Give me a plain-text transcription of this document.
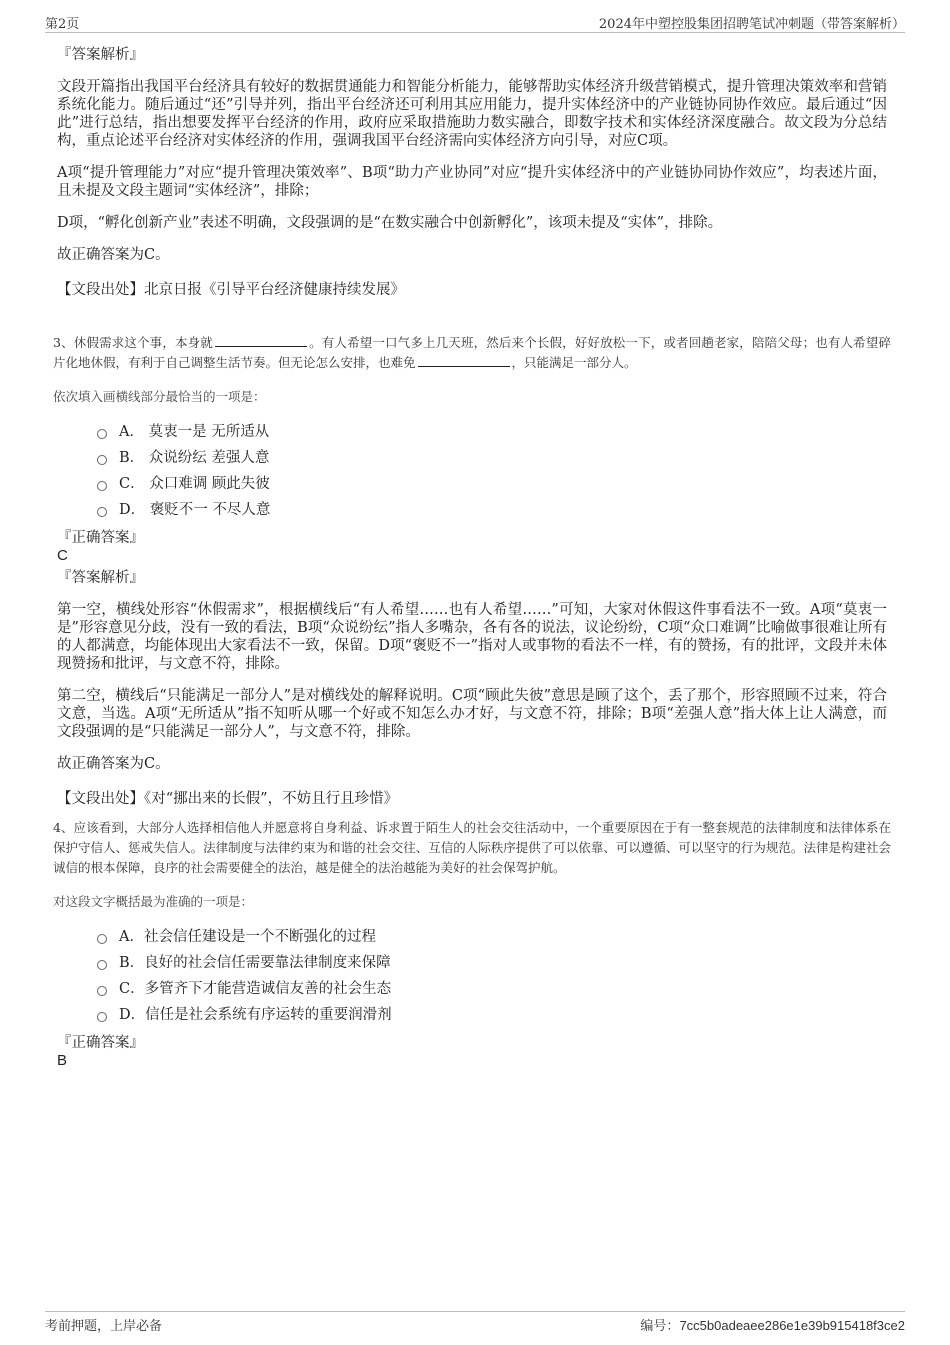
第2页	2024年中塑控股集团招聘笔试冲刺题（带答案解析）
『答案解析』

文段开篇指出我国平台经济具有较好的数据贯通能力和智能分析能力，能够帮助实体经济升级营销模式，提升管理决策效率和营销系统化能力。随后通过“还”引导并列，指出平台经济还可利用其应用能力，提升实体经济中的产业链协同协作效应。最后通过“因此”进行总结，指出想要发挥平台经济的作用，政府应采取措施助力数实融合，即数字技术和实体经济深度融合。故文段为分总结构，重点论述平台经济对实体经济的作用，强调我国平台经济需向实体经济方向引导，对应C项。

A项“提升管理能力”对应“提升管理决策效率”、B项“助力产业协同”对应“提升实体经济中的产业链协同协作效应”，均表述片面，且未提及文段主题词“实体经济”，排除；

D项，“孵化创新产业”表述不明确，文段强调的是“在数实融合中创新孵化”，该项未提及“实体”，排除。

故正确答案为C。

【文段出处】北京日报《引导平台经济健康持续发展》
3、休假需求这个事，本身就	。有人希望一口气多上几天班，然后来个长假，好好放松一下，或者回趟老家，陪陪父母；也有人希望碎片化地休假，有利于自己调整生活节奏。但无论怎么安排，也难免	，只能满足一部分人。
依次填入画横线部分最恰当的一项是：
A． 莫衷一是 无所适从
B． 众说纷纭 差强人意
C． 众口难调 顾此失彼
D． 褒贬不一 不尽人意
『正确答案』
C
『答案解析』

第一空，横线处形容“休假需求”，根据横线后“有人希望……也有人希望……”可知，大家对休假这件事看法不一致。A项“莫衷一是”形容意见分歧，没有一致的看法，B项“众说纷纭”指人多嘴杂，各有各的说法，议论纷纷，C项“众口难调”比喻做事很难让所有的人都满意，均能体现出大家看法不一致，保留。D项“褒贬不一”指对人或事物的看法不一样，有的赞扬，有的批评，文段并未体现赞扬和批评，与文意不符，排除。

第二空，横线后“只能满足一部分人”是对横线处的解释说明。C项“顾此失彼”意思是顾了这个，丢了那个，形容照顾不过来，符合文意，当选。A项“无所适从”指不知听从哪一个好或不知怎么办才好，与文意不符，排除；B项“差强人意”指大体上让人满意，而文段强调的是“只能满足一部分人”，与文意不符，排除。

故正确答案为C。

【文段出处】《对“挪出来的长假”，不妨且行且珍惜》
4、应该看到，大部分人选择相信他人并愿意将自身利益、诉求置于陌生人的社会交往活动中，一个重要原因在于有一整套规范的法律制度和法律体系在保护守信人、惩戒失信人。法律制度与法律约束为和谐的社会交往、互信的人际秩序提供了可以依靠、可以遵循、可以坚守的行为规范。法律是构建社会诚信的根本保障，良序的社会需要健全的法治，越是健全的法治越能为美好的社会保驾护航。
对这段文字概括最为准确的一项是：
A．社会信任建设是一个不断强化的过程
B．良好的社会信任需要靠法律制度来保障
C．多管齐下才能营造诚信友善的社会生态
D．信任是社会系统有序运转的重要润滑剂
『正确答案』
B
考前押题，上岸必备	编号：7cc5b0adeaee286e1e39b915418f3ce2
